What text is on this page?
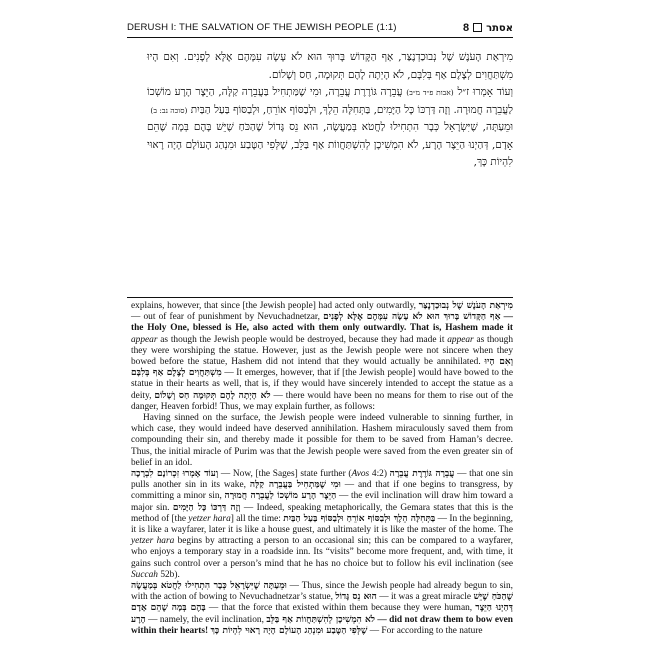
DERUSH I: THE SALVATION OF THE JEWISH PEOPLE (1:1)	אסתר8

מִירְאַת הָעֹנֶשׁ שֶׁל נְבוּכַדְנֶצַּר, אַף הַקָּדוֹשׁ בָּרוּךְ הוּא לֹא עָשָׂה עִמָּהֶם אֶלָּא לְפָנִים. וְאִם הָיוּ מִשְׁתַּחֲוִים לְצֶלֶם אַף בְּלִבָּם, לֹא הָיְתָה לָהֶם תְּקוּמָה, חַס וְשָׁלוֹם.

וְעוֹד אָמְרוּ ז״ל (אבות פ״ד מ״ב) עֲבֵרָה גּוֹרֶרֶת עֲבֵרָה, וּמִי שֶׁמַּתְחִיל בַּעֲבֵרָה קַלָּה, הַיֵּצֶר הָרָע מוֹשְׁכוֹ לַעֲבֵרָה חֲמוּרָה. וְזֶה דַּרְכּוֹ כָּל הַיָּמִים, בַּתְּחִלָּה הֵלֶךְ, וּלְבַסּוֹף אוֹרֵחַ, וּלְבַסּוֹף בַּעַל הַבַּיִת (סוכה נב: ב)

וּמֵעַתָּה, שֶׁיִּשְׂרָאֵל כְּבָר הִתְחִילוּ לַחֲטֹא בְּמַעֲשֶׂה, הוּא נֵס גָּדוֹל שֶׁהַכֹּחַ שֶׁיֵּשׁ בָּהֶם בְּמָה שֶׁהֵם אָדָם, דְּהַיְנוּ הַיֵּצֶר הָרָע, לֹא הִמְשִׁיכָן לְהִשְׁתַּחֲווֹת אַף בַּלֵּב, שֶׁלְּפִי הַטֶּבַע וּמִנְהַג הָעוֹלָם הָיָה רָאוּי לִהְיוֹת כָּךְ,

explains, however, that since [the Jewish people] had acted only outwardly, מִירְאַת הָעֹנֶשׁ שֶׁל נְבוּכַדְנֶצַּר — out of fear of punishment by Nevuchadnetzar, אַף הַקָּדוֹשׁ בָּרוּךְ הוּא לֹא עָשָׂה עִמָּהֶם אֶלָּא לְפָנִים — the Holy One, blessed is He, also acted with them only outwardly. That is, Hashem made it appear as though the Jewish people would be destroyed, because they had made it appear as though they were worshiping the statue. However, just as the Jewish people were not sincere when they bowed before the statue, Hashem did not intend that they would actually be annihilated. וְאִם הָיוּ מִשְׁתַּחֲוִים לְצֶלֶם אַף בְּלִבָּם — It emerges, however, that if [the Jewish people] would have bowed to the statue in their hearts as well, that is, if they would have sincerely intended to accept the statue as a deity, לֹא הָיְתָה לָהֶם תְּקוּמָה חַס וְשָׁלוֹם — there would have been no means for them to rise out of the danger, Heaven forbid! Thus, we may explain further, as follows:

Having sinned on the surface, the Jewish people were indeed vulnerable to sinning further, in which case, they would indeed have deserved annihilation. Hashem miraculously saved them from compounding their sin, and thereby made it possible for them to be saved from Haman’s decree. Thus, the initial miracle of Purim was that the Jewish people were saved from the even greater sin of belief in an idol.

וְעוֹד אָמְרוּ זִכְרוֹנָם לִבְרָכָה — Now, [the Sages] state further (Avos 4:2) עֲבֵרָה גּוֹרֶרֶת עֲבֵרָה — that one sin pulls another sin in its wake, וּמִי שֶׁמַּתְחִיל בַּעֲבֵרָה קַלָּה — and that if one begins to transgress, by committing a minor sin, הַיֵּצֶר הָרָע מוֹשְׁכוֹ לַעֲבֵרָה חֲמוּרָה — the evil inclination will draw him toward a major sin. וְזֶה דַּרְכּוֹ כָּל הַיָּמִים — Indeed, speaking metaphorically, the Gemara states that this is the method of [the yetzer hara] all the time: בַּתְּחִלָּה הֵלֶךְ וּלְבַסּוֹף אוֹרֵחַ וּלְבַסּוֹף בַּעַל הַבַּיִת — In the beginning, it is like a wayfarer, later it is like a house guest, and ultimately it is like the master of the home. The yetzer hara begins by attracting a person to an occasional sin; this can be compared to a wayfarer, who enjoys a temporary stay in a roadside inn. Its “visits” become more frequent, and, with time, it gains such control over a person’s mind that he has no choice but to follow his evil inclination (see Succah 52b).

וּמֵעַתָּה שֶׁיִּשְׂרָאֵל כְּבָר הִתְחִילוּ לַחֲטֹא בְּמַעֲשֶׂה — Thus, since the Jewish people had already begun to sin, with the action of bowing to Nevuchadnetzar’s statue, הוּא נֵס גָּדוֹל — it was a great miracle שֶׁהַכֹּחַ שֶׁיֵּשׁ בָּהֶם בְּמָה שֶׁהֵם אָדָם — that the force that existed within them because they were human, דְּהַיְנוּ הַיֵּצֶר הָרָע — namely, the evil inclination, לֹא הִמְשִׁיכָן לְהִשְׁתַּחֲווֹת אַף בַּלֵּב — did not draw them to bow even within their hearts! שֶׁלְּפִי הַטֶּבַע וּמִנְהַג הָעוֹלָם הָיָה רָאוּי לִהְיוֹת כָּךְ — For according to the nature
